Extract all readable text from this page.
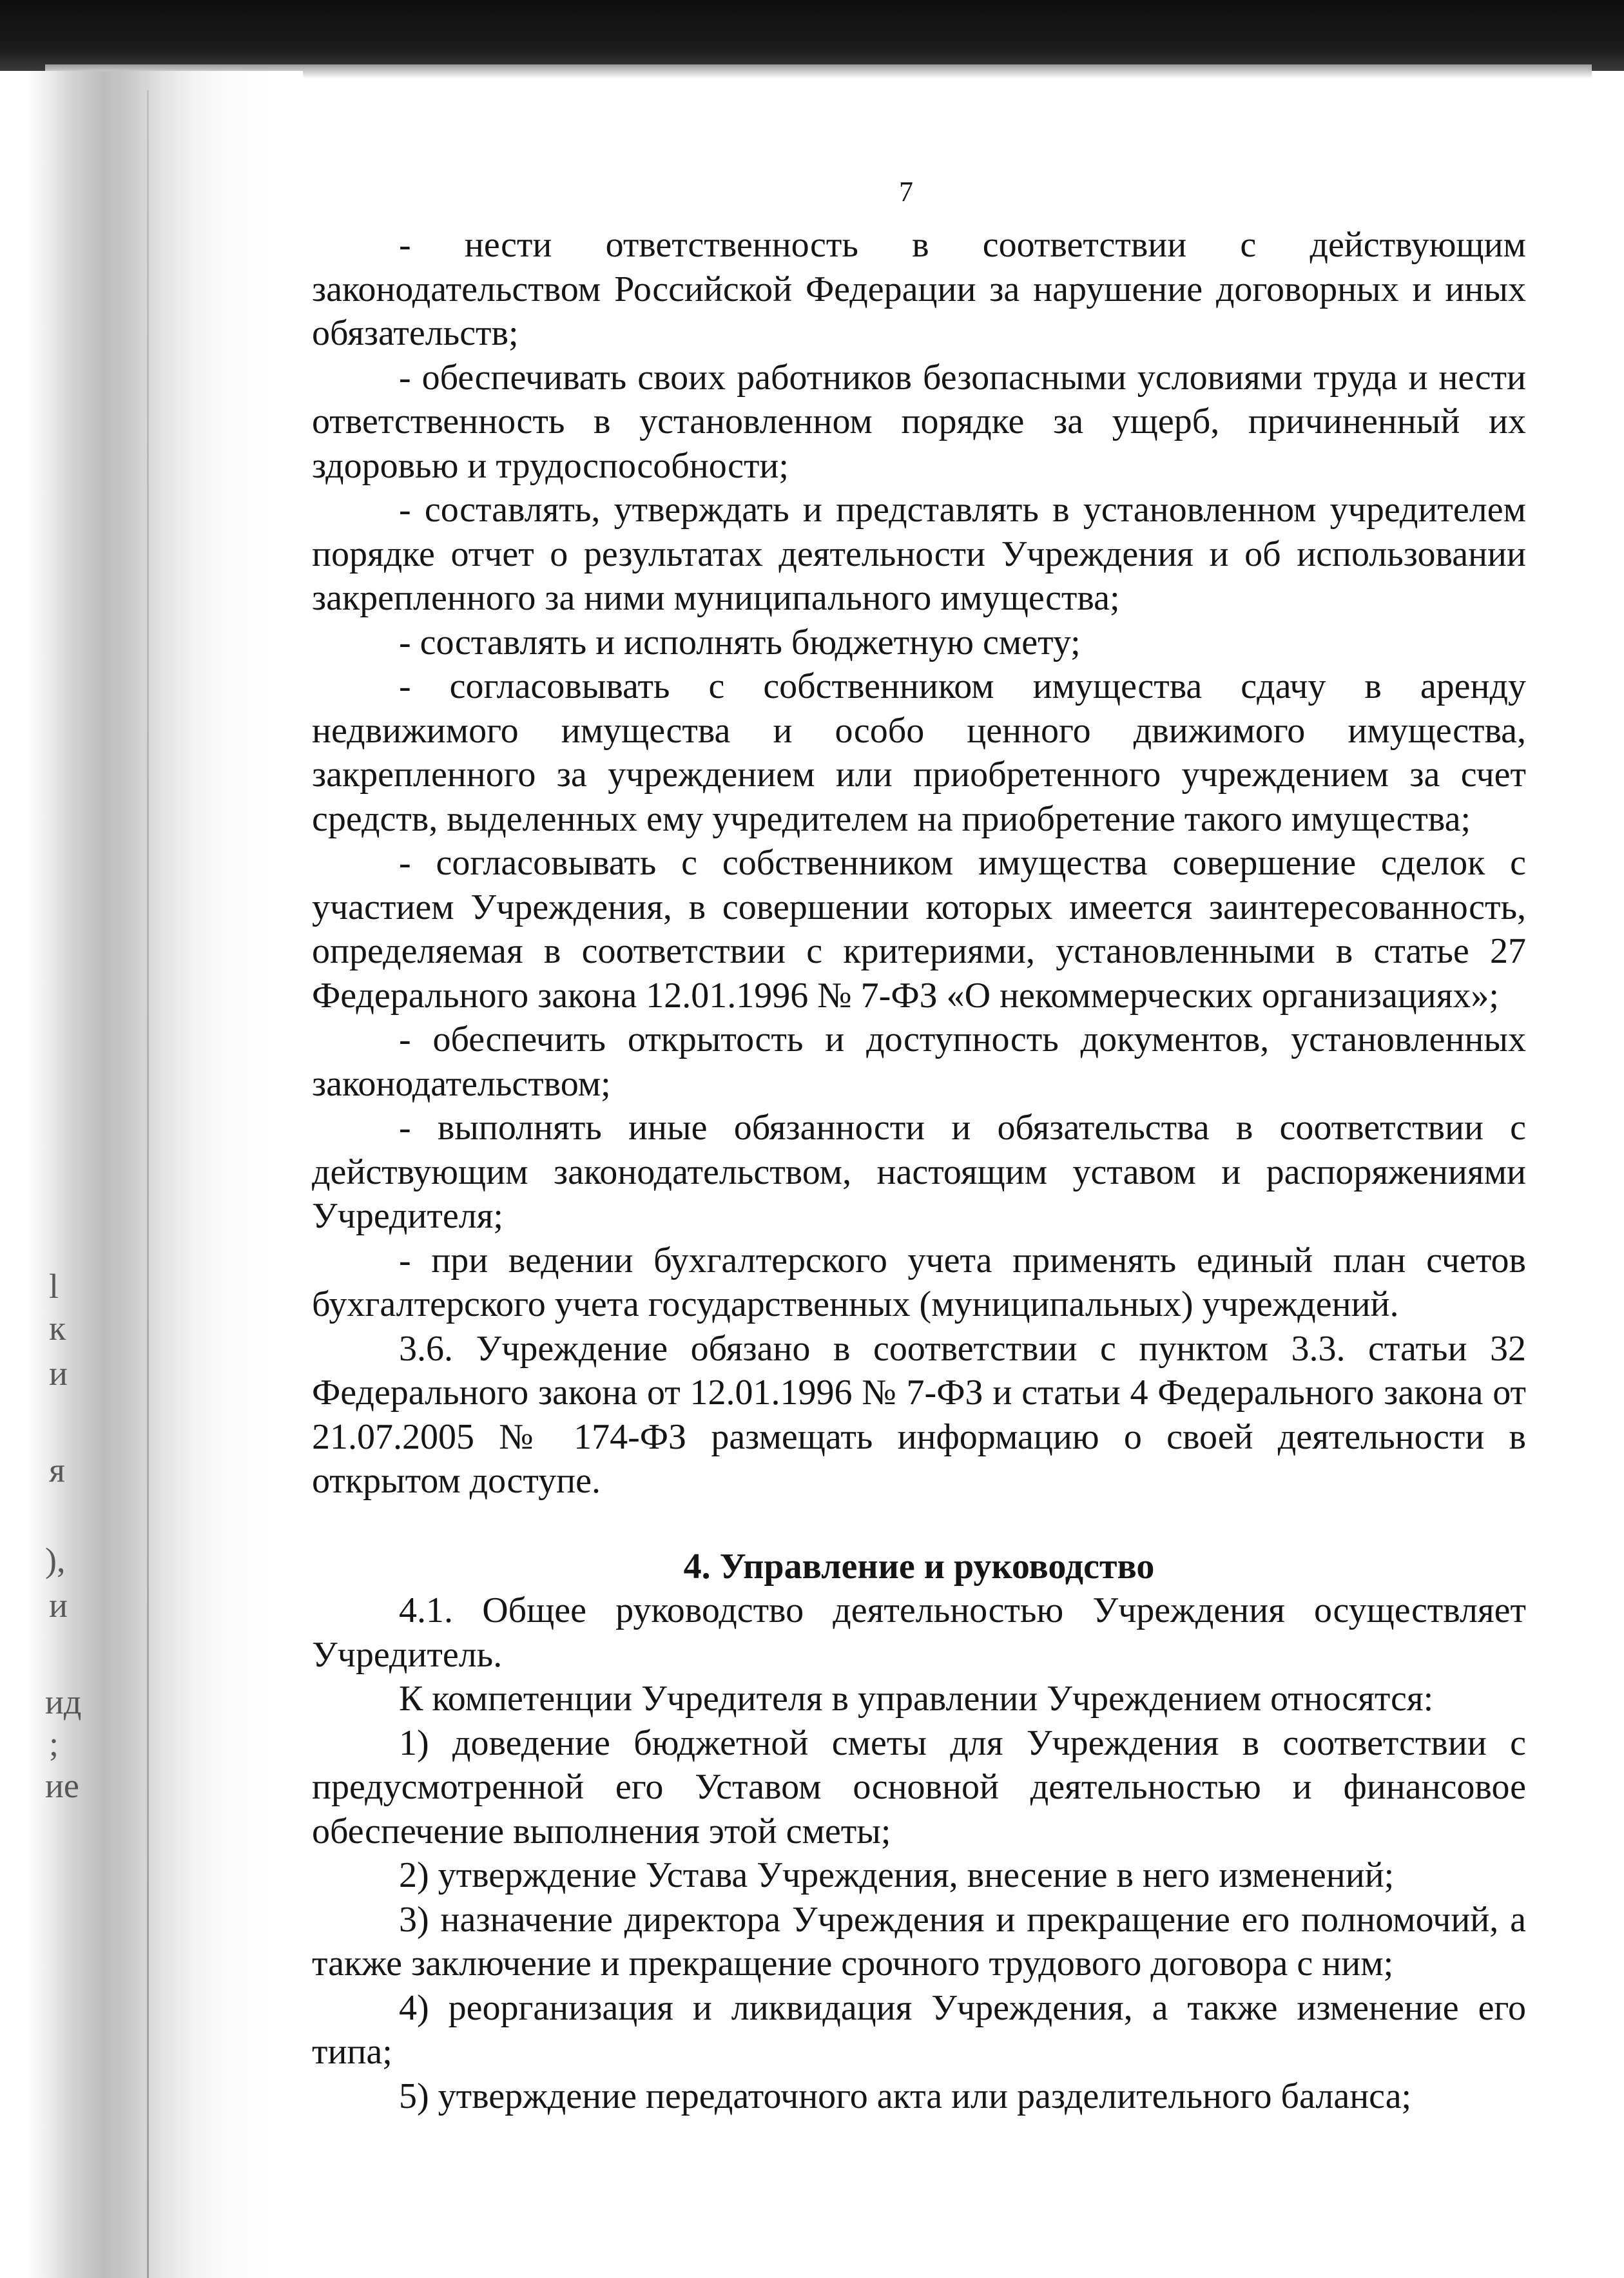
l
к
и
я
),
и
ид
;
ие
7

- нести ответственность в соответствии с действующим законодательством Российской Федерации за нарушение договорных и иных обязательств;

- обеспечивать своих работников безопасными условиями труда и нести ответственность в установленном порядке за ущерб, причиненный их здоровью и трудоспособности;

- составлять, утверждать и представлять в установленном учредителем порядке отчет о результатах деятельности Учреждения и об использовании закрепленного за ними муниципального имущества;

- составлять и исполнять бюджетную смету;

- согласовывать с собственником имущества сдачу в аренду недвижимого имущества и особо ценного движимого имущества, закрепленного за учреждением или приобретенного учреждением за счет средств, выделенных ему учредителем на приобретение такого имущества;

- согласовывать с собственником имущества совершение сделок с участием Учреждения, в совершении которых имеется заинтересованность, определяемая в соответствии с критериями, установленными в статье 27 Федерального закона 12.01.1996 № 7-ФЗ «О некоммерческих организациях»;

- обеспечить открытость и доступность документов, установленных законодательством;

- выполнять иные обязанности и обязательства в соответствии с действующим законодательством, настоящим уставом и распоряжениями Учредителя;

- при ведении бухгалтерского учета применять единый план счетов бухгалтерского учета государственных (муниципальных) учреждений.

3.6. Учреждение обязано в соответствии с пунктом 3.3. статьи 32 Федерального закона от 12.01.1996 № 7-ФЗ и статьи 4 Федерального закона от 21.07.2005 № 174-ФЗ размещать информацию о своей деятельности в открытом доступе.

4. Управление и руководство

4.1. Общее руководство деятельностью Учреждения осуществляет Учредитель.

К компетенции Учредителя в управлении Учреждением относятся:

1) доведение бюджетной сметы для Учреждения в соответствии с предусмотренной его Уставом основной деятельностью и финансовое обеспечение выполнения этой сметы;

2) утверждение Устава Учреждения, внесение в него изменений;

3) назначение директора Учреждения и прекращение его полномочий, а также заключение и прекращение срочного трудового договора с ним;

4) реорганизация и ликвидация Учреждения, а также изменение его типа;

5) утверждение передаточного акта или разделительного баланса;
